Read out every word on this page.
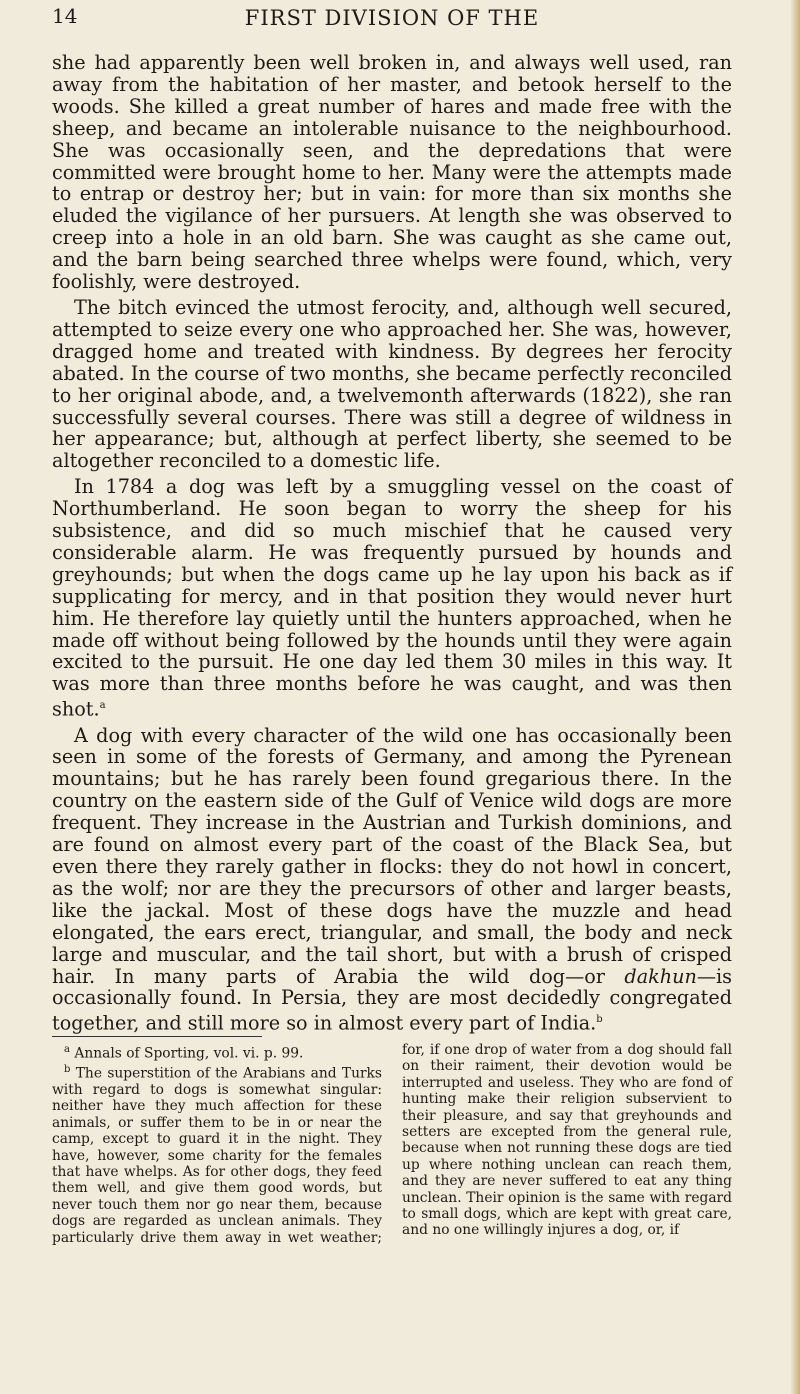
14	FIRST DIVISION OF THE

she had apparently been well broken in, and always well used, ran away from the habitation of her master, and betook herself to the woods. She killed a great number of hares and made free with the sheep, and became an intolerable nuisance to the neighbourhood. She was occasionally seen, and the depredations that were committed were brought home to her. Many were the attempts made to entrap or destroy her; but in vain: for more than six months she eluded the vigilance of her pursuers. At length she was observed to creep into a hole in an old barn. She was caught as she came out, and the barn being searched three whelps were found, which, very foolishly, were destroyed.

The bitch evinced the utmost ferocity, and, although well secured, attempted to seize every one who approached her. She was, however, dragged home and treated with kindness. By degrees her ferocity abated. In the course of two months, she became perfectly reconciled to her original abode, and, a twelvemonth afterwards (1822), she ran successfully several courses. There was still a degree of wildness in her appearance; but, although at perfect liberty, she seemed to be altogether reconciled to a domestic life.

In 1784 a dog was left by a smuggling vessel on the coast of Northumberland. He soon began to worry the sheep for his subsistence, and did so much mischief that he caused very considerable alarm. He was frequently pursued by hounds and greyhounds; but when the dogs came up he lay upon his back as if supplicating for mercy, and in that position they would never hurt him. He therefore lay quietly until the hunters approached, when he made off without being followed by the hounds until they were again excited to the pursuit. He one day led them 30 miles in this way. It was more than three months before he was caught, and was then shot.$^a$

A dog with every character of the wild one has occasionally been seen in some of the forests of Germany, and among the Pyrenean mountains; but he has rarely been found gregarious there. In the country on the eastern side of the Gulf of Venice wild dogs are more frequent. They increase in the Austrian and Turkish dominions, and are found on almost every part of the coast of the Black Sea, but even there they rarely gather in flocks: they do not howl in concert, as the wolf; nor are they the precursors of other and larger beasts, like the jackal. Most of these dogs have the muzzle and head elongated, the ears erect, triangular, and small, the body and neck large and muscular, and the tail short, but with a brush of crisped hair. In many parts of Arabia the wild dog—or dakhun—is occasionally found. In Persia, they are most decidedly congregated together, and still more so in almost every part of India.$^b$

$^a$ Annals of Sporting, vol. vi. p. 99.

$^b$ The superstition of the Arabians and Turks with regard to dogs is somewhat singular: neither have they much affection for these animals, or suffer them to be in or near the camp, except to guard it in the night. They have, however, some charity for the females that have whelps. As for other dogs, they feed them well, and give them good words, but never touch them nor go near them, because dogs are regarded as unclean animals. They particularly drive them away in wet weather; for, if one drop of water from a dog should fall on their raiment, their devotion would be interrupted and useless. They who are fond of hunting make their religion subservient to their pleasure, and say that greyhounds and setters are excepted from the general rule, because when not running these dogs are tied up where nothing unclean can reach them, and they are never suffered to eat any thing unclean. Their opinion is the same with regard to small dogs, which are kept with great care, and no one willingly injures a dog, or, if
